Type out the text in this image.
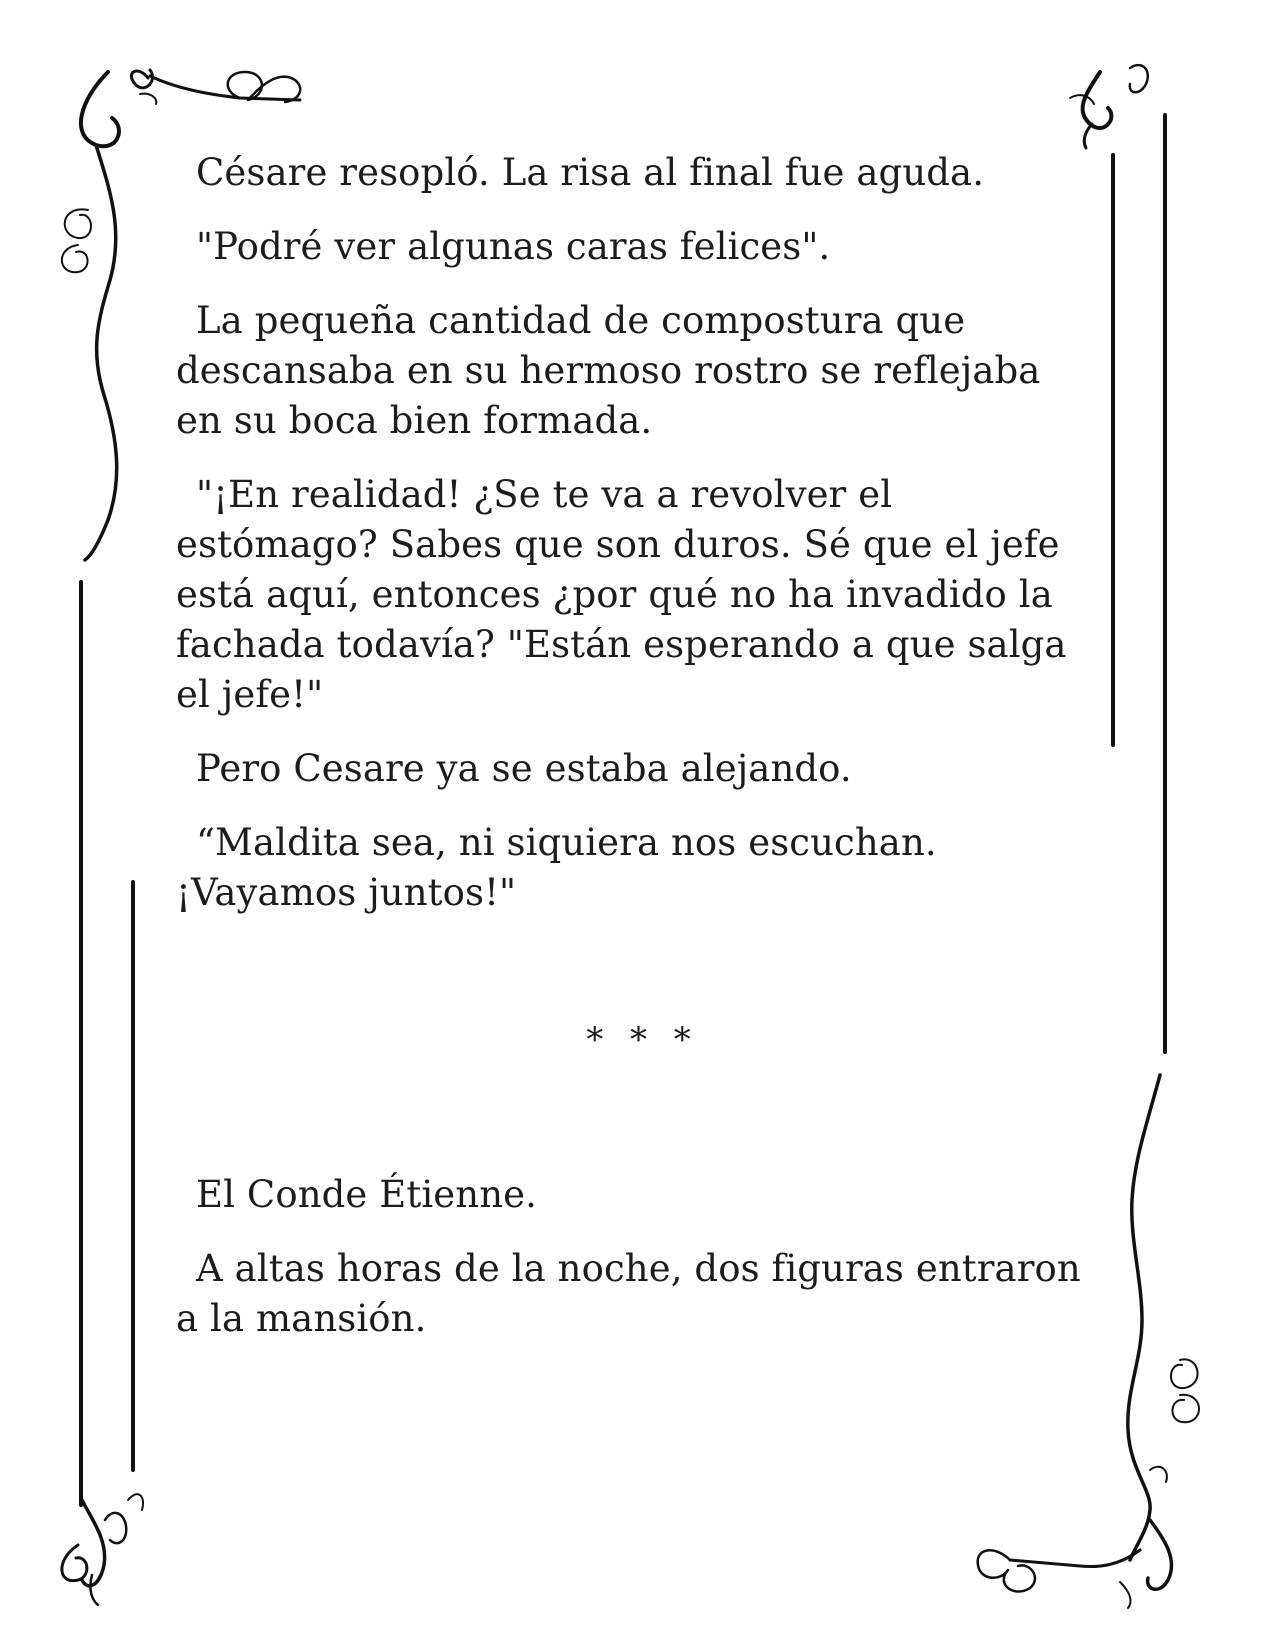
Césare resopló. La risa al final fue aguda.

"Podré ver algunas caras felices".

La pequeña cantidad de compostura que descansaba en su hermoso rostro se reflejaba en su boca bien formada.

"¡En realidad! ¿Se te va a revolver el estómago? Sabes que son duros. Sé que el jefe está aquí, entonces ¿por qué no ha invadido la fachada todavía? "Están esperando a que salga el jefe!"

Pero Cesare ya se estaba alejando.

“Maldita sea, ni siquiera nos escuchan. ¡Vayamos juntos!"

* * *

El Conde Étienne.

A altas horas de la noche, dos figuras entraron a la mansión.
